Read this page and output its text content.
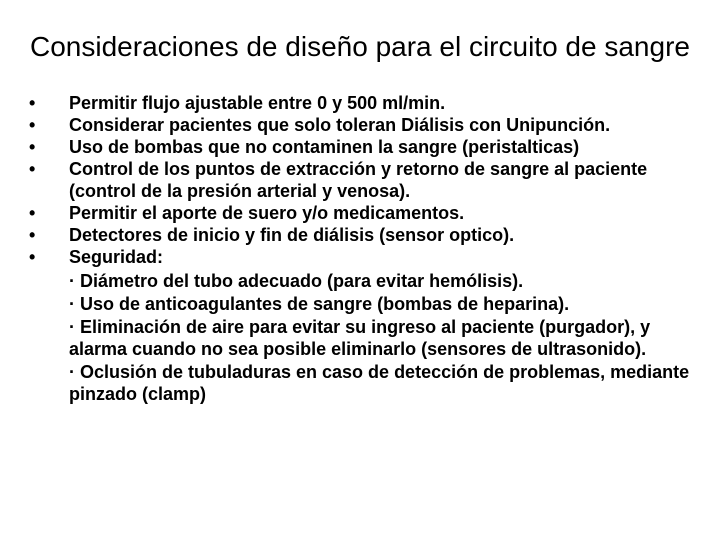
Consideraciones de diseño para el circuito de sangre
• Permitir flujo ajustable entre 0 y 500 ml/min.
• Considerar pacientes que solo toleran Diálisis con Unipunción.
• Uso de bombas que no contaminen la sangre (peristalticas)
• Control de los puntos de extracción y retorno de sangre al paciente (control de la presión arterial y venosa).
• Permitir el aporte de suero y/o medicamentos.
• Detectores de inicio y fin de diálisis (sensor optico).
• Seguridad:
· Diámetro del tubo adecuado (para evitar hemólisis).
· Uso de anticoagulantes de sangre (bombas de heparina).
· Eliminación de aire para evitar su ingreso al paciente (purgador), y alarma cuando no sea posible eliminarlo (sensores de ultrasonido).
· Oclusión de tubuladuras en caso de detección de problemas, mediante pinzado (clamp)
